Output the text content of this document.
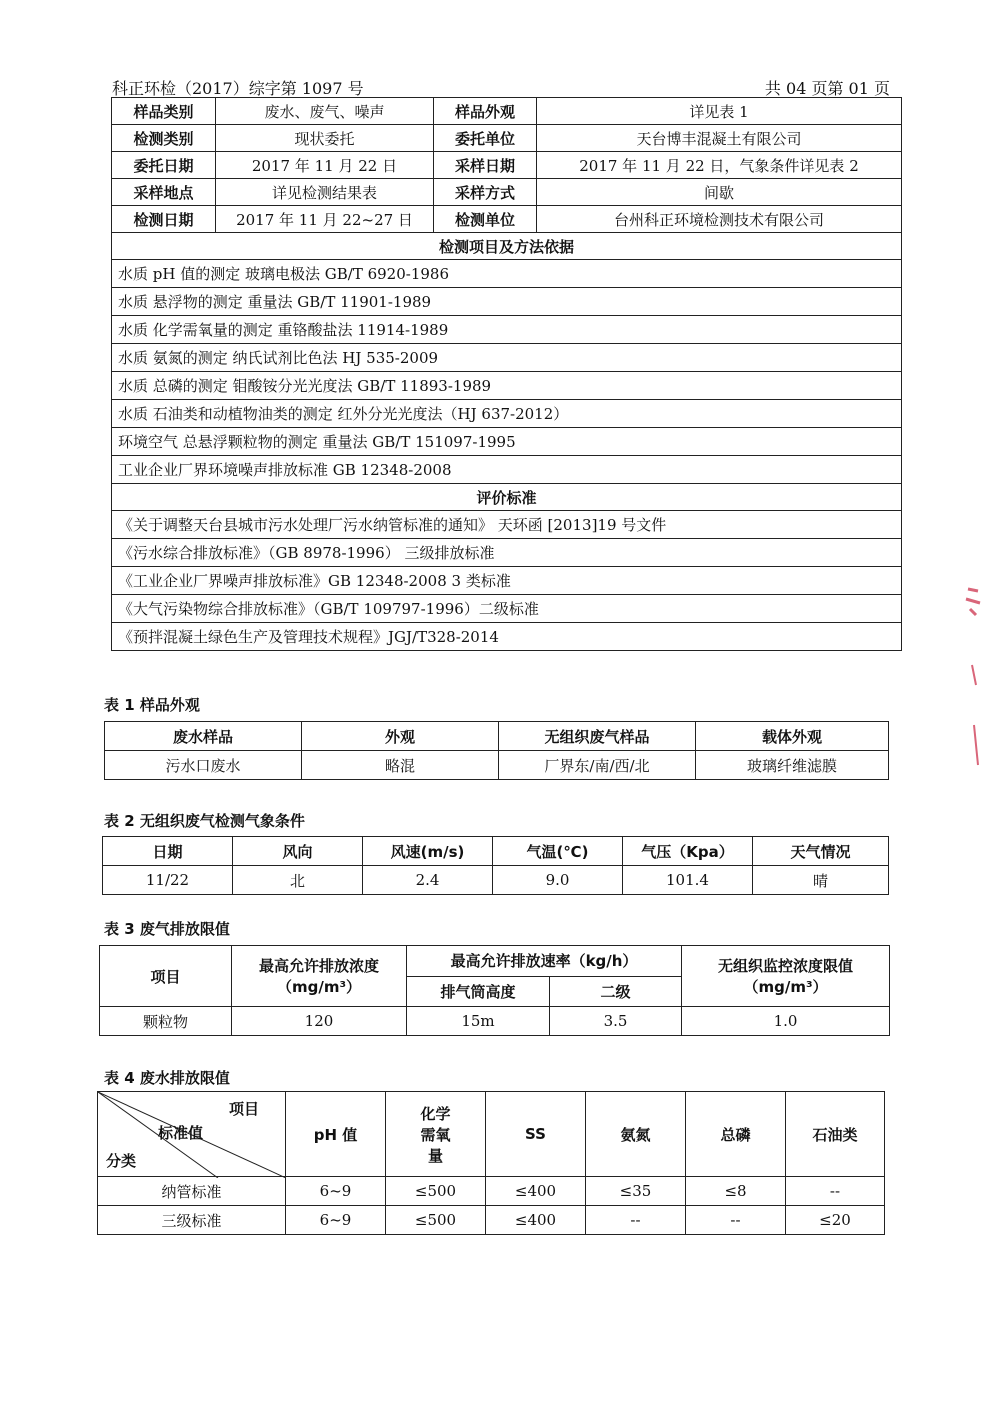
科正环检（2017）综字第 1097 号	共 04 页第 01 页
样品类别	废水、废气、噪声	样品外观	详见表 1
检测类别	现状委托	委托单位	天台博丰混凝土有限公司
委托日期	2017 年 11 月 22 日	采样日期	2017 年 11 月 22 日，气象条件详见表 2
采样地点	详见检测结果表	采样方式	间歇
检测日期	2017 年 11 月 22~27 日	检测单位	台州科正环境检测技术有限公司
检测项目及方法依据			
水质 pH 值的测定 玻璃电极法 GB/T 6920-1986			
水质 悬浮物的测定 重量法 GB/T 11901-1989			
水质 化学需氧量的测定 重铬酸盐法 11914-1989			
水质 氨氮的测定 纳氏试剂比色法 HJ 535-2009			
水质 总磷的测定 钼酸铵分光光度法 GB/T 11893-1989			
水质 石油类和动植物油类的测定 红外分光光度法（HJ 637-2012）			
环境空气 总悬浮颗粒物的测定 重量法 GB/T 151097-1995			
工业企业厂界环境噪声排放标准 GB 12348-2008			
评价标准			
《关于调整天台县城市污水处理厂污水纳管标准的通知》 天环函 [2013]19 号文件			
《污水综合排放标准》（GB 8978-1996） 三级排放标准			
《工业企业厂界噪声排放标准》GB 12348-2008 3 类标准			
《大气污染物综合排放标准》（GB/T 109797-1996）二级标准			
《预拌混凝土绿色生产及管理技术规程》JGJ/T328-2014			
表 1 样品外观
废水样品	外观	无组织废气样品	载体外观
污水口废水	略混	厂界东/南/西/北	玻璃纤维滤膜
表 2 无组织废气检测气象条件
日期	风向	风速(m/s)	气温(℃)	气压（Kpa）	天气情况
11/22	北	2.4	9.0	101.4	晴
表 3 废气排放限值
项目	最高允许排放浓度（mg/m³）	最高允许排放速率（kg/h）		无组织监控浓度限值（mg/m³）
		排气筒高度	二级	
颗粒物	120	15m	3.5	1.0
表 4 废水排放限值
项目
标准值
分类	pH 值	化学需氧量	SS	氨氮	总磷	石油类
纳管标准	6~9	≤500	≤400	≤35	≤8	--
三级标准	6~9	≤500	≤400	--	--	≤20
